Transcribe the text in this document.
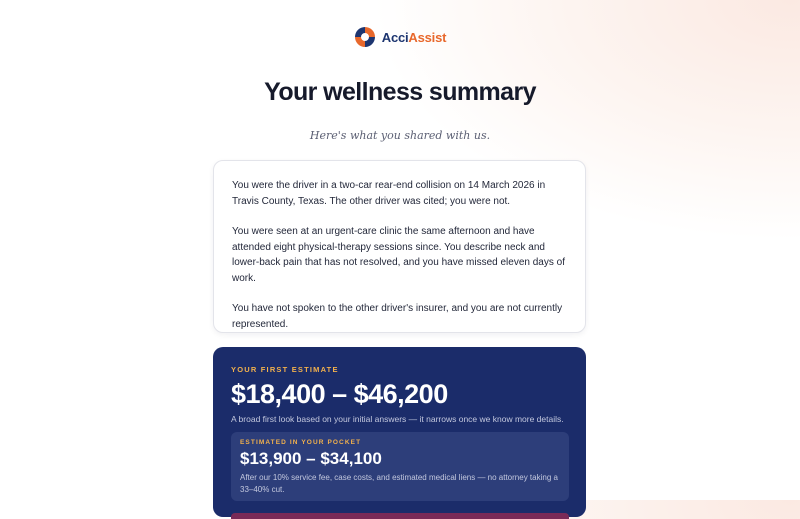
AcciAssist
Your wellness summary
Here's what you shared with us.

You were the driver in a two-car rear-end collision on 14 March 2026 in Travis County, Texas. The other driver was cited; you were not.

You were seen at an urgent-care clinic the same afternoon and have attended eight physical-therapy sessions since. You describe neck and lower-back pain that has not resolved, and you have missed eleven days of work.

You have not spoken to the other driver's insurer, and you are not currently represented.

YOUR FIRST ESTIMATE
$18,400 – $46,200
A broad first look based on your initial answers — it narrows once we know more details.
ESTIMATED IN YOUR POCKET
$13,900 – $34,100
After our 10% service fee, case costs, and estimated medical liens — no attorney taking a 33–40% cut.
